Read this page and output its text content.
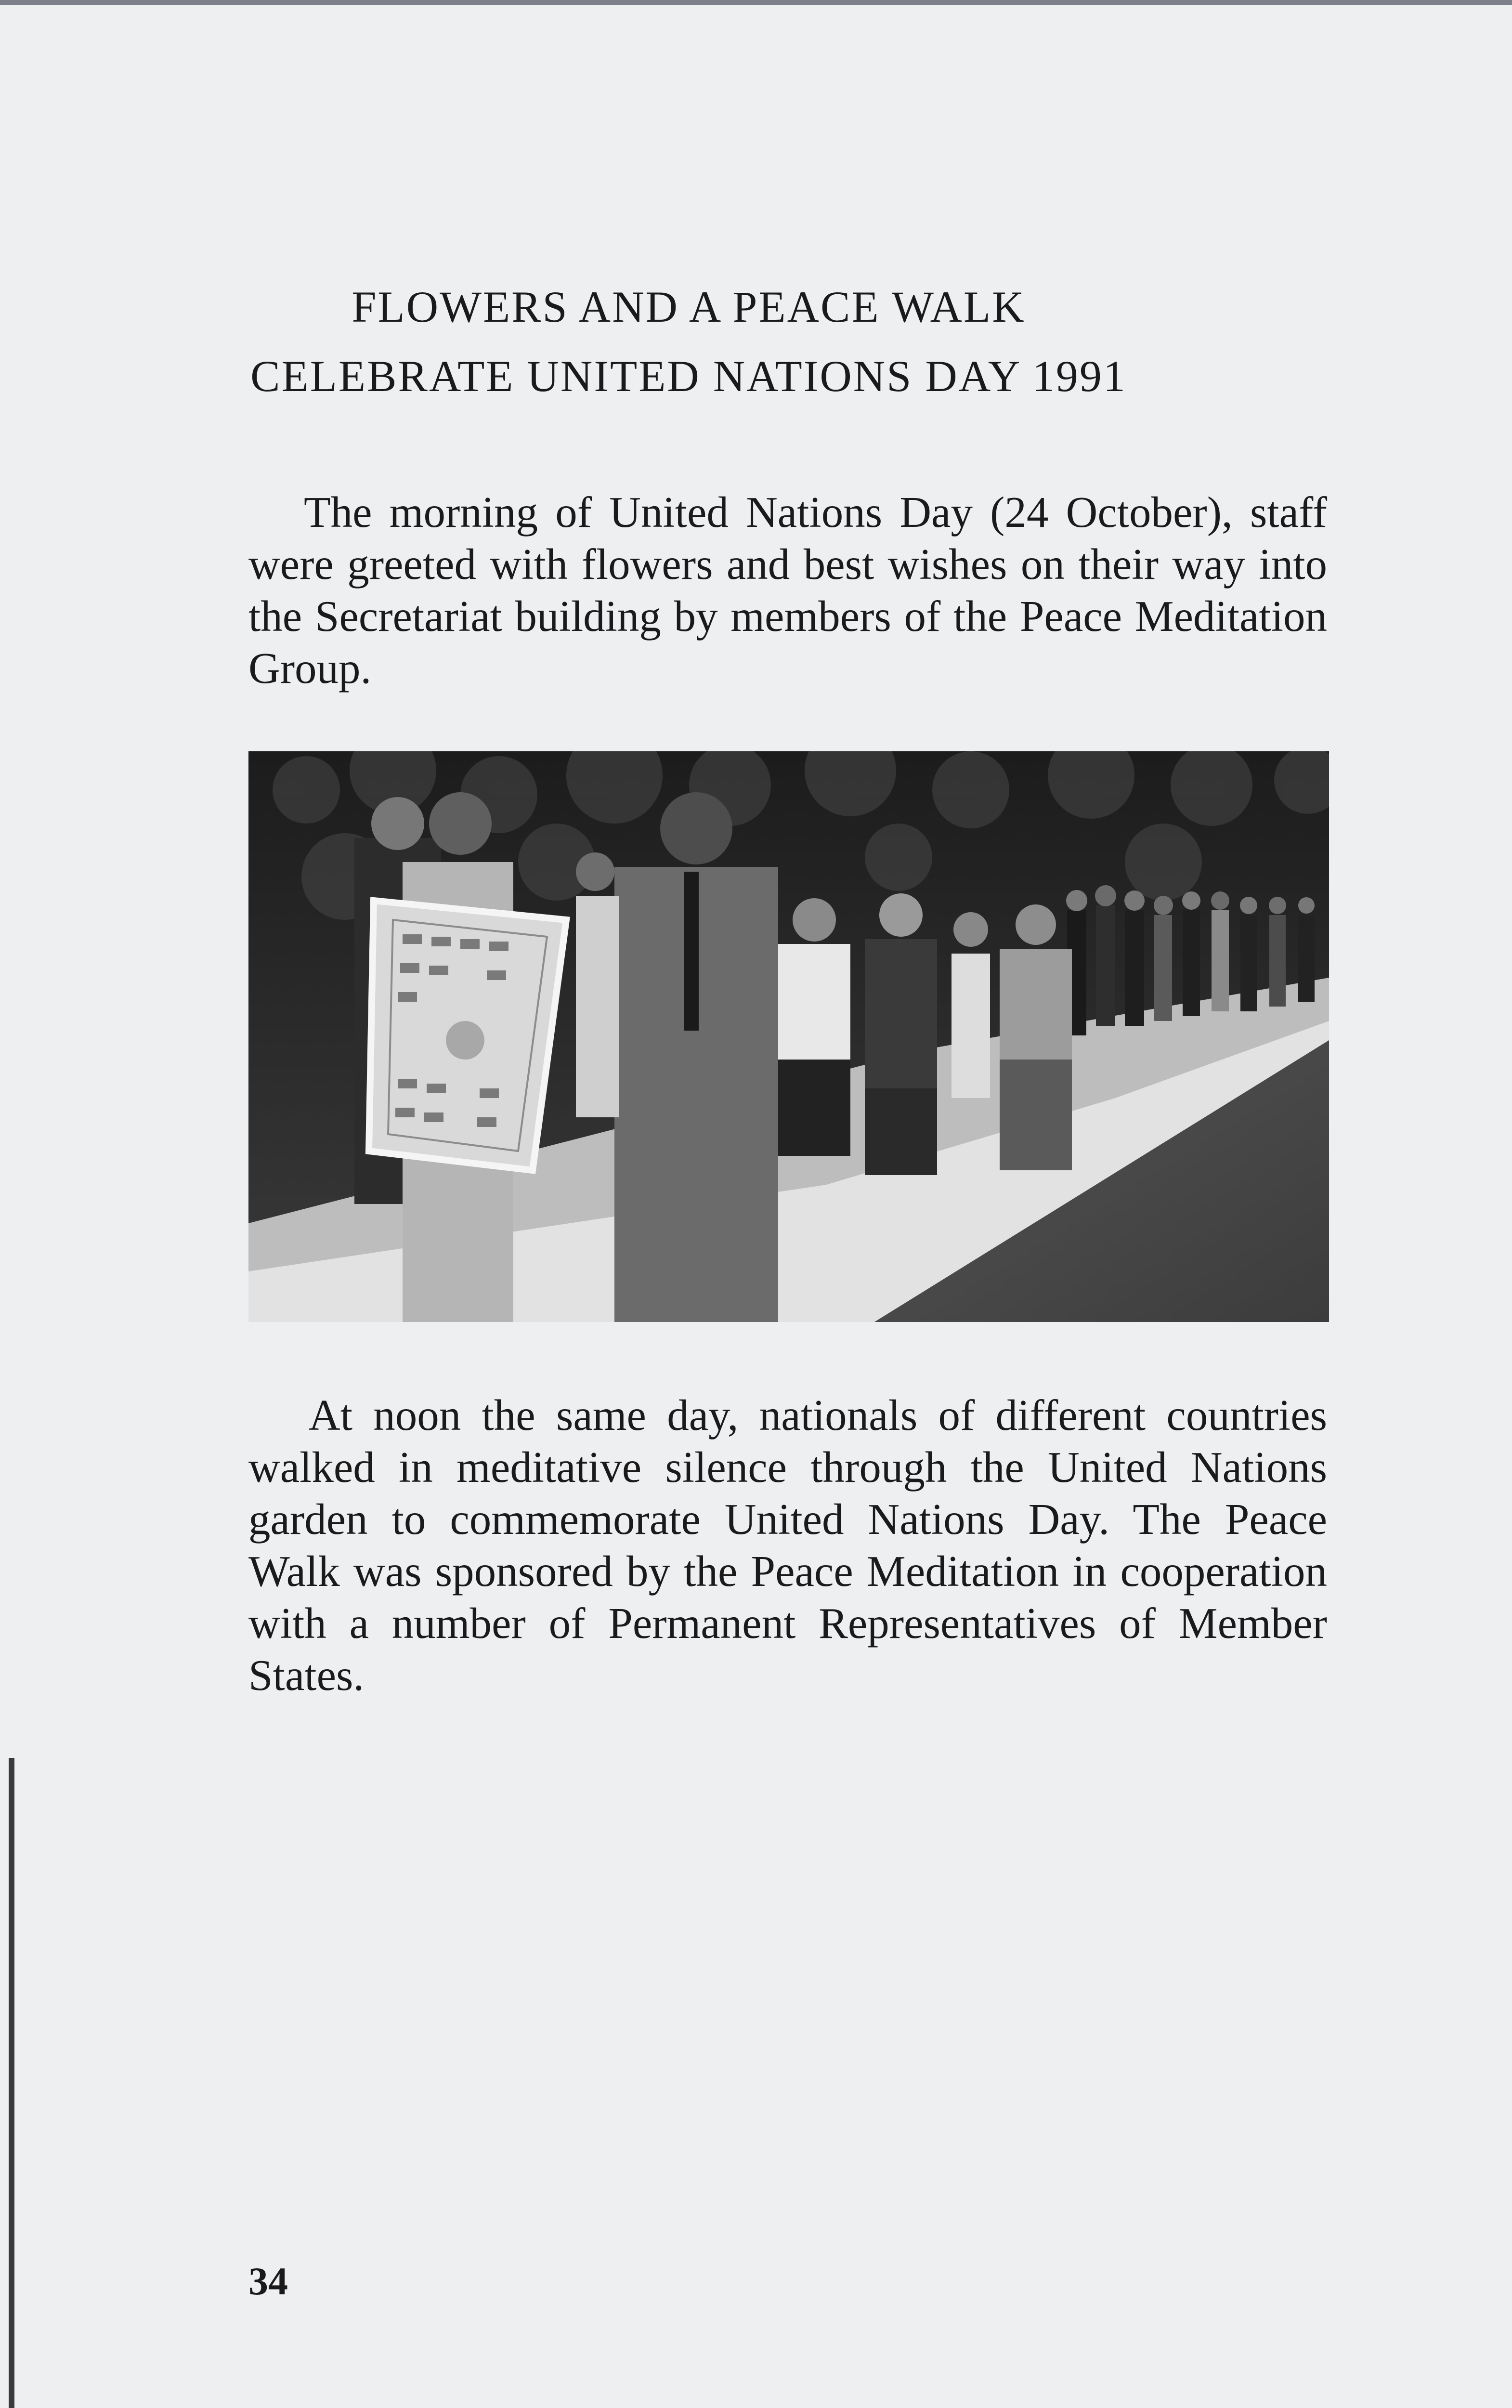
FLOWERS AND A PEACE WALK
CELEBRATE UNITED NATIONS DAY 1991

The morning of United Nations Day (24 October), staff were greeted with flowers and best wishes on their way into the Secretariat building by members of the Peace Meditation Group.

At noon the same day, nationals of different countries walked in meditative silence through the United Nations garden to commemorate United Nations Day. The Peace Walk was sponsored by the Peace Meditation in cooperation with a number of Permanent Representatives of Member States.

34
